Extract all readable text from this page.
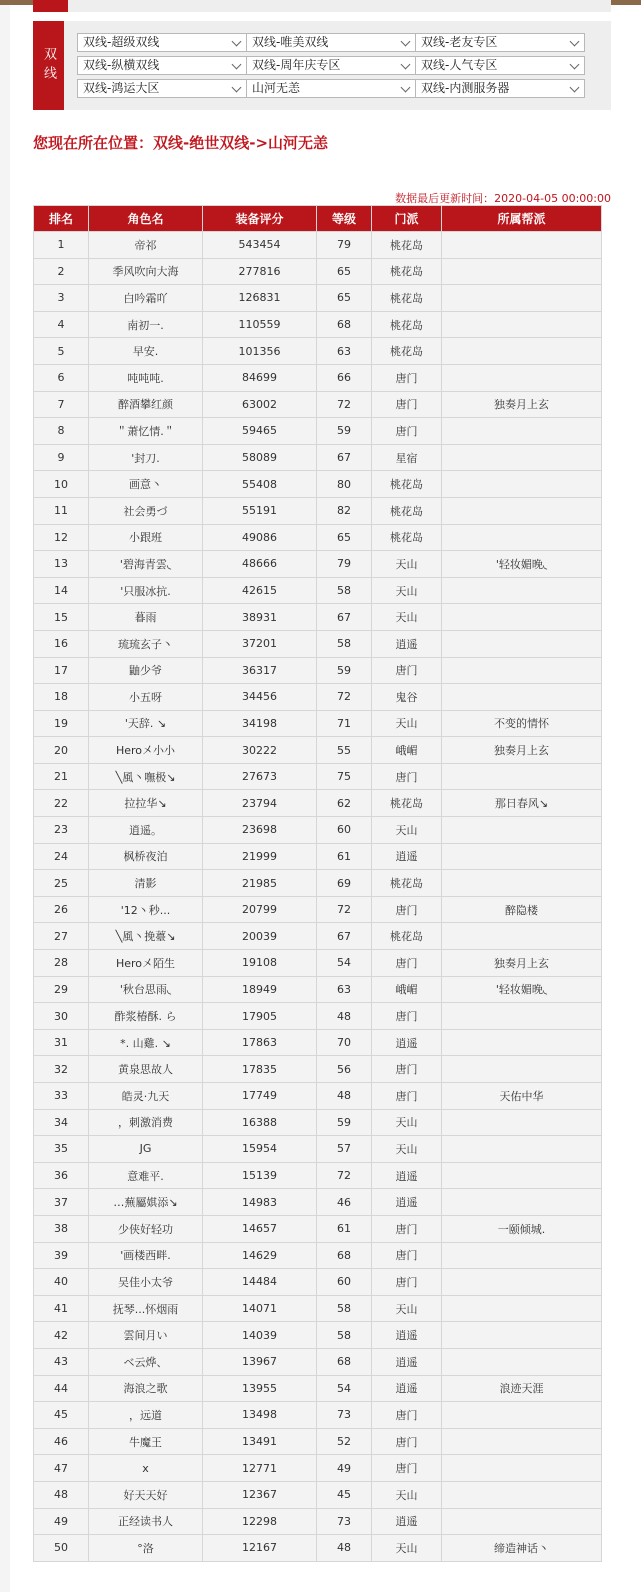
双线
双线-超级双线	双线-唯美双线	双线-老友专区
双线-纵横双线	双线-周年庆专区	双线-人气专区
双线-鸿运大区	山河无恙	双线-内测服务器
您现在所在位置：双线-绝世双线->山河无恙
数据最后更新时间：2020-04-05 00:00:00
排名	角色名	装备评分	等级	门派	所属帮派
1	帝祁	543454	79	桃花岛	
2	季风吹向大海	277816	65	桃花岛	
3	白吟霜吖	126831	65	桃花岛	
4	南初一.	110559	68	桃花岛	
5	早安.	101356	63	桃花岛	
6	吨吨吨.	84699	66	唐门	
7	醉酒攀红颜	63002	72	唐门	独奏月上玄
8	＂萧忆情.＂	59465	59	唐门	
9	'封刀.	58089	67	星宿	
10	画意丶	55408	80	桃花岛	
11	社会勇づ	55191	82	桃花岛	
12	小跟班	49086	65	桃花岛	
13	'碧海青雲◟	48666	79	天山	'轻妆媚晚◟
14	'只服冰抗.	42615	58	天山	
15	暮雨	38931	67	天山	
16	琉琉玄子丶	37201	58	逍遥	
17	鼬少爷	36317	59	唐门	
18	小五呀	34456	72	鬼谷	
19	'天辞. ↘	34198	71	天山	不变的情怀
20	Hero㐅小小	30222	55	峨嵋	独奏月上玄
21	╲風丶嘸极↘	27673	75	唐门	
22	拉拉华↘	23794	62	桃花岛	那日春风↘
23	逍遥。	23698	60	天山	
24	枫桥夜泊	21999	61	逍遥	
25	清影	21985	69	桃花岛	
26	'12丶秒...	20799	72	唐门	醉隐楼
27	╲風丶挽薹↘	20039	67	桃花岛	
28	Hero㐅陌生	19108	54	唐门	独奏月上玄
29	'秋台思雨◟	18949	63	峨嵋	'轻妆媚晚◟
30	酢浆椿酥. ら	17905	48	唐门	
31	*. 山雞. ↘	17863	70	逍遥	
32	黄泉思故人	17835	56	唐门	
33	皓灵·九天	17749	48	唐门	天佑中华
34	，刺激消费	16388	59	天山	
35	JG	15954	57	天山	
36	意难平.	15139	72	逍遥	
37	…蕪屬娸添↘	14983	46	逍遥	
38	少侠好轻功	14657	61	唐门	一颐倾城.
39	'画楼西畔.	14629	68	唐门	
40	吴佳小太爷	14484	60	唐门	
41	抚琴...怀烟雨	14071	58	天山	
42	雲间月い	14039	58	逍遥	
43	ベ云烨、	13967	68	逍遥	
44	海浪之歌	13955	54	逍遥	浪迹天涯
45	，远道	13498	73	唐门	
46	牛魔王	13491	52	唐门	
47	x	12771	49	唐门	
48	好天天好	12367	45	天山	
49	正经读书人	12298	73	逍遥	
50	°洛	12167	48	天山	缔造神话丶
